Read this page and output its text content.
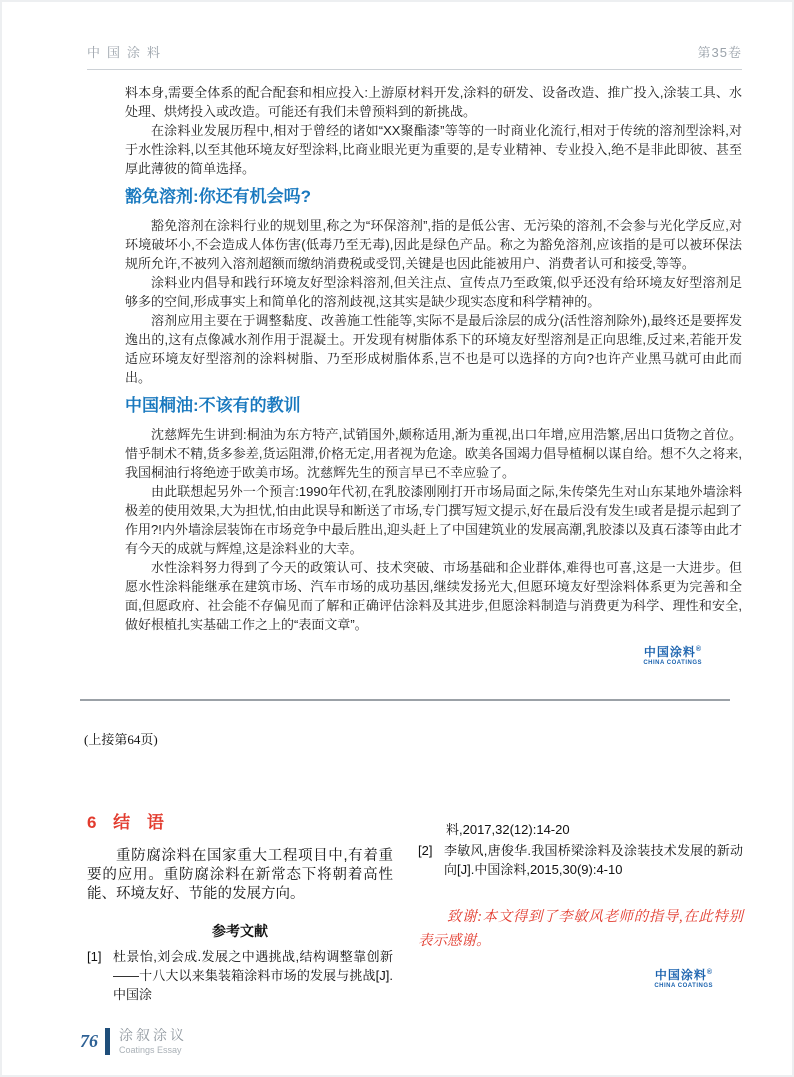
中国涂料	第35卷

料本身,需要全体系的配合配套和相应投入:上游原材料开发,涂料的研发、设备改造、推广投入,涂装工具、水处理、烘烤投入或改造。可能还有我们未曾预料到的新挑战。

在涂料业发展历程中,相对于曾经的诸如“XX聚酯漆”等等的一时商业化流行,相对于传统的溶剂型涂料,对于水性涂料,以至其他环境友好型涂料,比商业眼光更为重要的,是专业精神、专业投入,绝不是非此即彼、甚至厚此薄彼的简单选择。

豁免溶剂:你还有机会吗?

豁免溶剂在涂料行业的规划里,称之为“环保溶剂”,指的是低公害、无污染的溶剂,不会参与光化学反应,对环境破坏小,不会造成人体伤害(低毒乃至无毒),因此是绿色产品。称之为豁免溶剂,应该指的是可以被环保法规所允许,不被列入溶剂超额而缴纳消费税或受罚,关键是也因此能被用户、消费者认可和接受,等等。

涂料业内倡导和践行环境友好型涂料溶剂,但关注点、宣传点乃至政策,似乎还没有给环境友好型溶剂足够多的空间,形成事实上和简单化的溶剂歧视,这其实是缺少现实态度和科学精神的。

溶剂应用主要在于调整黏度、改善施工性能等,实际不是最后涂层的成分(活性溶剂除外),最终还是要挥发逸出的,这有点像减水剂作用于混凝土。开发现有树脂体系下的环境友好型溶剂是正向思维,反过来,若能开发适应环境友好型溶剂的涂料树脂、乃至形成树脂体系,岂不也是可以选择的方向?也许产业黑马就可由此而出。

中国桐油:不该有的教训

沈慈辉先生讲到:桐油为东方特产,试销国外,颇称适用,渐为重视,出口年增,应用浩繁,居出口货物之首位。惜乎制术不精,货多参差,货运阻滞,价格无定,用者视为危途。欧美各国竭力倡导植桐以谋自给。想不久之将来,我国桐油行将绝迹于欧美市场。沈慈辉先生的预言早已不幸应验了。

由此联想起另外一个预言:1990年代初,在乳胶漆刚刚打开市场局面之际,朱传棨先生对山东某地外墙涂料极差的使用效果,大为担忧,怕由此误导和断送了市场,专门撰写短文提示,好在最后没有发生!或者是提示起到了作用?!内外墙涂层装饰在市场竞争中最后胜出,迎头赶上了中国建筑业的发展高潮,乳胶漆以及真石漆等由此才有今天的成就与辉煌,这是涂料业的大幸。

水性涂料努力得到了今天的政策认可、技术突破、市场基础和企业群体,难得也可喜,这是一大进步。但愿水性涂料能继承在建筑市场、汽车市场的成功基因,继续发扬光大,但愿环境友好型涂料体系更为完善和全面,但愿政府、社会能不存偏见而了解和正确评估涂料及其进步,但愿涂料制造与消费更为科学、理性和安全,做好根植扎实基础工作之上的“表面文章”。

中国涂料®
CHINA COATINGS
(上接第64页)
6 结 语

重防腐涂料在国家重大工程项目中,有着重要的应用。重防腐涂料在新常态下将朝着高性能、环境友好、节能的发展方向。

参考文献
[1] 杜景怡,刘会成.发展之中遇挑战,结构调整靠创新——十八大以来集装箱涂料市场的发展与挑战[J].中国涂
料,2017,32(12):14-20
[2] 李敏风,唐俊华.我国桥梁涂料及涂装技术发展的新动向[J].中国涂料,2015,30(9):4-10

致谢:本文得到了李敏风老师的指导,在此特别表示感谢。

中国涂料®
CHINA COATINGS
76 涂叙涂议
Coatings Essay
